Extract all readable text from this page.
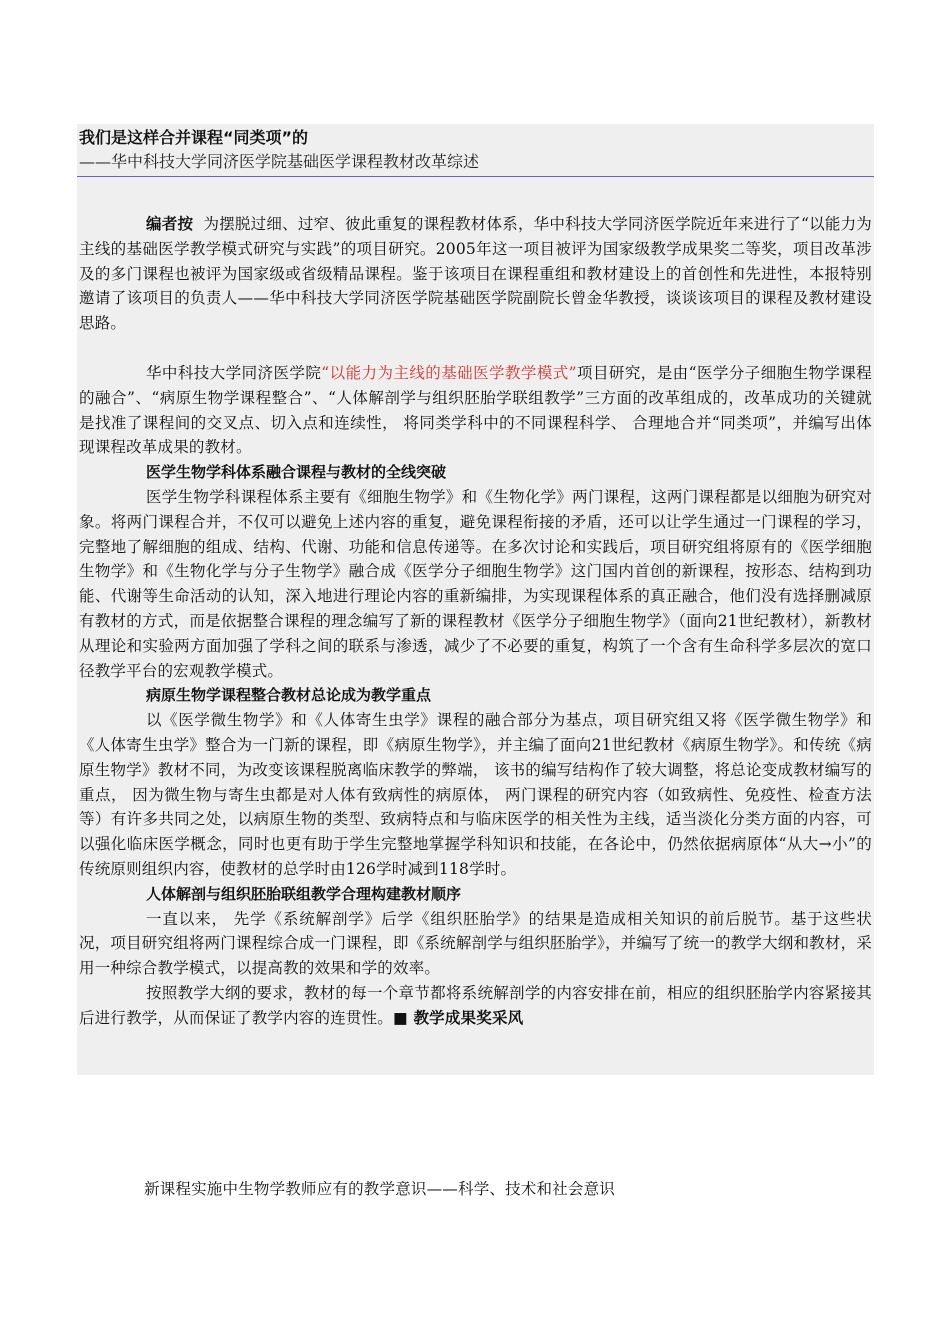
我们是这样合并课程“同类项”的
——华中科技大学同济医学院基础医学课程教材改革综述

编者按 为摆脱过细、过窄、彼此重复的课程教材体系，华中科技大学同济医学院近年来进行了“以能力为主线的基础医学教学模式研究与实践”的项目研究。2005年这一项目被评为国家级教学成果奖二等奖，项目改革涉及的多门课程也被评为国家级或省级精品课程。鉴于该项目在课程重组和教材建设上的首创性和先进性，本报特别邀请了该项目的负责人——华中科技大学同济医学院基础医学院副院长曾金华教授，谈谈该项目的课程及教材建设思路。

华中科技大学同济医学院“以能力为主线的基础医学教学模式”项目研究，是由“医学分子细胞生物学课程的融合”、“病原生物学课程整合”、“人体解剖学与组织胚胎学联组教学”三方面的改革组成的，改革成功的关键就是找准了课程间的交叉点、切入点和连续性， 将同类学科中的不同课程科学、 合理地合并“同类项”，并编写出体现课程改革成果的教材。

医学生物学科体系融合课程与教材的全线突破

医学生物学科课程体系主要有《细胞生物学》和《生物化学》两门课程，这两门课程都是以细胞为研究对象。将两门课程合并，不仅可以避免上述内容的重复，避免课程衔接的矛盾，还可以让学生通过一门课程的学习，完整地了解细胞的组成、结构、代谢、功能和信息传递等。在多次讨论和实践后，项目研究组将原有的《医学细胞生物学》和《生物化学与分子生物学》融合成《医学分子细胞生物学》这门国内首创的新课程，按形态、结构到功能、代谢等生命活动的认知，深入地进行理论内容的重新编排，为实现课程体系的真正融合，他们没有选择删减原有教材的方式，而是依据整合课程的理念编写了新的课程教材《医学分子细胞生物学》（面向21世纪教材），新教材从理论和实验两方面加强了学科之间的联系与渗透，减少了不必要的重复，构筑了一个含有生命科学多层次的宽口径教学平台的宏观教学模式。

病原生物学课程整合教材总论成为教学重点

以《医学微生物学》和《人体寄生虫学》课程的融合部分为基点，项目研究组又将《医学微生物学》和《人体寄生虫学》整合为一门新的课程，即《病原生物学》，并主编了面向21世纪教材《病原生物学》。和传统《病原生物学》教材不同，为改变该课程脱离临床教学的弊端， 该书的编写结构作了较大调整，将总论变成教材编写的重点， 因为微生物与寄生虫都是对人体有致病性的病原体， 两门课程的研究内容（如致病性、免疫性、检查方法等）有许多共同之处，以病原生物的类型、致病特点和与临床医学的相关性为主线，适当淡化分类方面的内容，可以强化临床医学概念，同时也更有助于学生完整地掌握学科知识和技能，在各论中，仍然依据病原体“从大→小”的传统原则组织内容，使教材的总学时由126学时减到118学时。

人体解剖与组织胚胎联组教学合理构建教材顺序

一直以来， 先学《系统解剖学》后学《组织胚胎学》的结果是造成相关知识的前后脱节。基于这些状况，项目研究组将两门课程综合成一门课程，即《系统解剖学与组织胚胎学》，并编写了统一的教学大纲和教材，采用一种综合教学模式，以提高教的效果和学的效率。

按照教学大纲的要求，教材的每一个章节都将系统解剖学的内容安排在前，相应的组织胚胎学内容紧接其后进行教学，从而保证了教学内容的连贯性。■ 教学成果奖采风

新课程实施中生物学教师应有的教学意识——科学、技术和社会意识
